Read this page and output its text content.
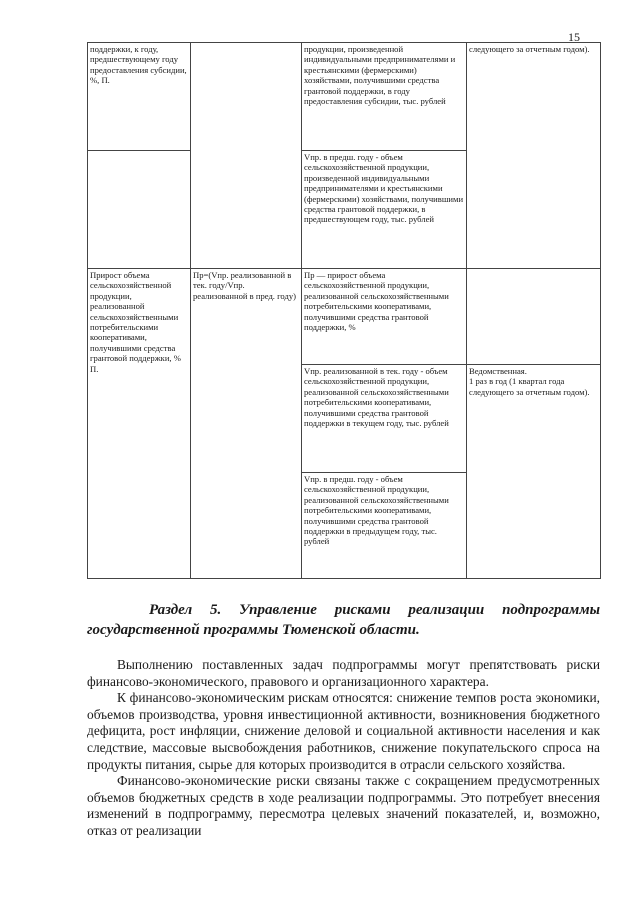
15
поддержки, к году, предшествующему году предоставления субсидии, %, П.		продукции, произведенной индивидуальными предпринимателями и крестьянскими (фермерскими) хозяйствами, получившими средства грантовой поддержки, в году предоставления субсидии, тыс. рублей	следующего за отчетным годом).
		Vпр. в предш. году - объем сельскохозяйственной продукции, произведенной индивидуальными предпринимателями и крестьянскими (фермерскими) хозяйствами, получившими средства грантовой поддержки, в предшествующем году, тыс. рублей	
Прирост объема сельскохозяйственной продукции, реализованной сельскохозяйственными потребительскими кооперативами, получившими средства грантовой поддержки, % П.	Пр=(Vпр. реализованной в тек. году/Vпр. реализованной в пред. году)	Пр — прирост объема сельскохозяйственной продукции, реализованной сельскохозяйственными потребительскими кооперативами, получившими средства грантовой поддержки, %	
		Vпр. реализованной в тек. году - объем сельскохозяйственной продукции, реализованной сельскохозяйственными потребительскими кооперативами, получившими средства грантовой поддержки в текущем году, тыс. рублей	Ведомственная.
1 раз в год (1 квартал года следующего за отчетным годом).
		Vпр. в предш. году - объем сельскохозяйственной продукции, реализованной сельскохозяйственными потребительскими кооперативами, получившими средства грантовой поддержки в предыдущем году, тыс. рублей	
Раздел 5. Управление рисками реализации подпрограммы государственной программы Тюменской области.

Выполнению поставленных задач подпрограммы могут препятствовать риски финансово-экономического, правового и организационного характера.

К финансово-экономическим рискам относятся: снижение темпов роста экономики, объемов производства, уровня инвестиционной активности, возникновения бюджетного дефицита, рост инфляции, снижение деловой и социальной активности населения и как следствие, массовые высвобождения работников, снижение покупательского спроса на продукты питания, сырье для которых производится в отрасли сельского хозяйства.

Финансово-экономические риски связаны также с сокращением предусмотренных объемов бюджетных средств в ходе реализации подпрограммы. Это потребует внесения изменений в подпрограмму, пересмотра целевых значений показателей, и, возможно, отказ от реализации
